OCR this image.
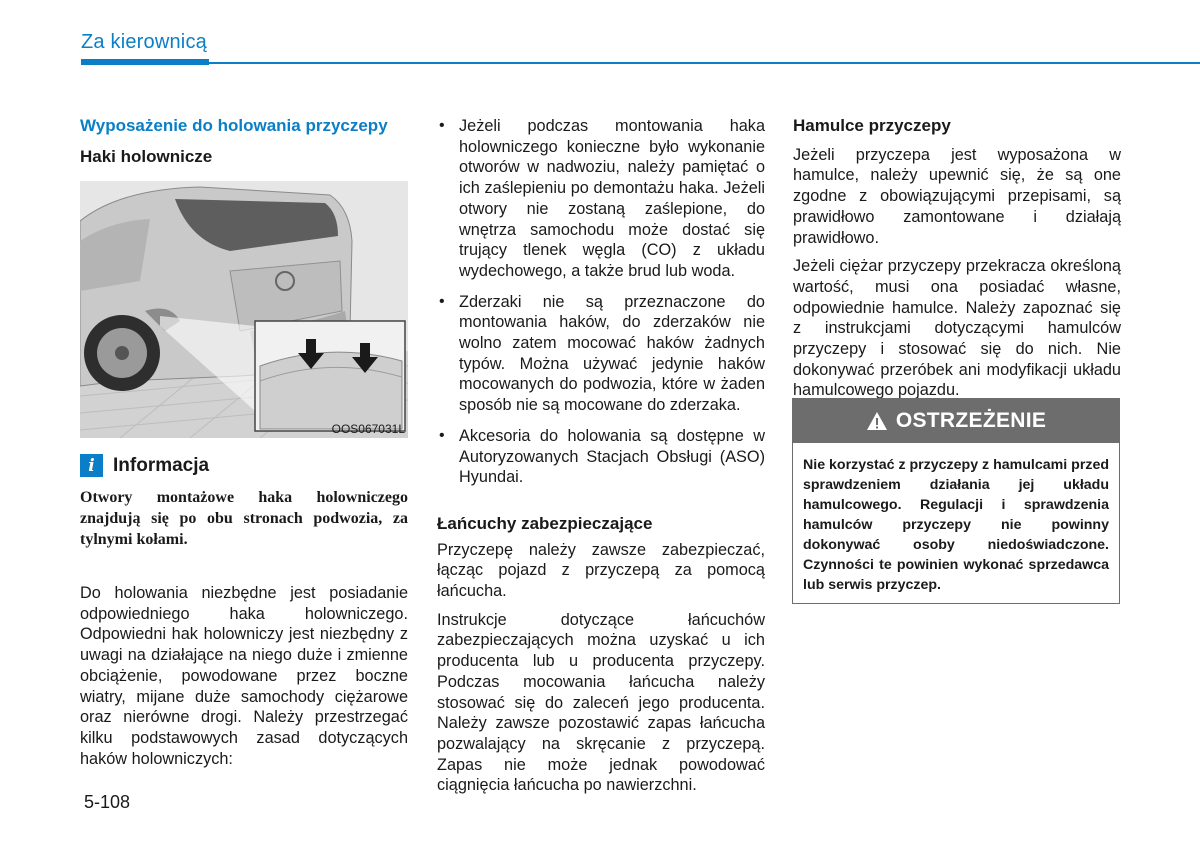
Za kierownicą
Wyposażenie do holowania przyczepy
Haki holownicze
OOS067031L
i Informacja
Otwory montażowe haka holowniczego znajdują się po obu stronach podwozia, za tylnymi kołami.
Do holowania niezbędne jest posiadanie odpowiedniego haka holowniczego. Odpowiedni hak holowniczy jest niezbędny z uwagi na działające na niego duże i zmienne obciążenie, powodowane przez boczne wiatry, mijane duże samochody ciężarowe oraz nierówne drogi. Należy przestrzegać kilku podstawowych zasad dotyczących haków holowniczych:
5-108
• Jeżeli podczas montowania haka holowniczego konieczne było wykonanie otworów w nadwoziu, należy pamiętać o ich zaślepieniu po demontażu haka. Jeżeli otwory nie zostaną zaślepione, do wnętrza samochodu może dostać się trujący tlenek węgla (CO) z układu wydechowego, a także brud lub woda.
• Zderzaki nie są przeznaczone do montowania haków, do zderzaków nie wolno zatem mocować haków żadnych typów. Można używać jedynie haków mocowanych do podwozia, które w żaden sposób nie są mocowane do zderzaka.
• Akcesoria do holowania są dostępne w Autoryzowanych Stacjach Obsługi (ASO) Hyundai.
Łańcuchy zabezpieczające

Przyczepę należy zawsze zabezpieczać, łącząc pojazd z przyczepą za pomocą łańcucha.

Instrukcje dotyczące łańcuchów zabezpieczających można uzyskać u ich producenta lub u producenta przyczepy. Podczas mocowania łańcucha należy stosować się do zaleceń jego producenta. Należy zawsze pozostawić zapas łańcucha pozwalający na skręcanie z przyczepą. Zapas nie może jednak powodować ciągnięcia łańcucha po nawierzchni.

Hamulce przyczepy

Jeżeli przyczepa jest wyposażona w hamulce, należy upewnić się, że są one zgodne z obowiązującymi przepisami, są prawidłowo zamontowane i działają prawidłowo.

Jeżeli ciężar przyczepy przekracza określoną wartość, musi ona posiadać własne, odpowiednie hamulce. Należy zapoznać się z instrukcjami dotyczącymi hamulców przyczepy i stosować się do nich. Nie dokonywać przeróbek ani modyfikacji układu hamulcowego pojazdu.

OSTRZEŻENIE
Nie korzystać z przyczepy z hamulcami przed sprawdzeniem działania jej układu hamulcowego. Regulacji i sprawdzenia hamulców przyczepy nie powinny dokonywać osoby niedoświadczone. Czynności te powinien wykonać sprzedawca lub serwis przyczep.
